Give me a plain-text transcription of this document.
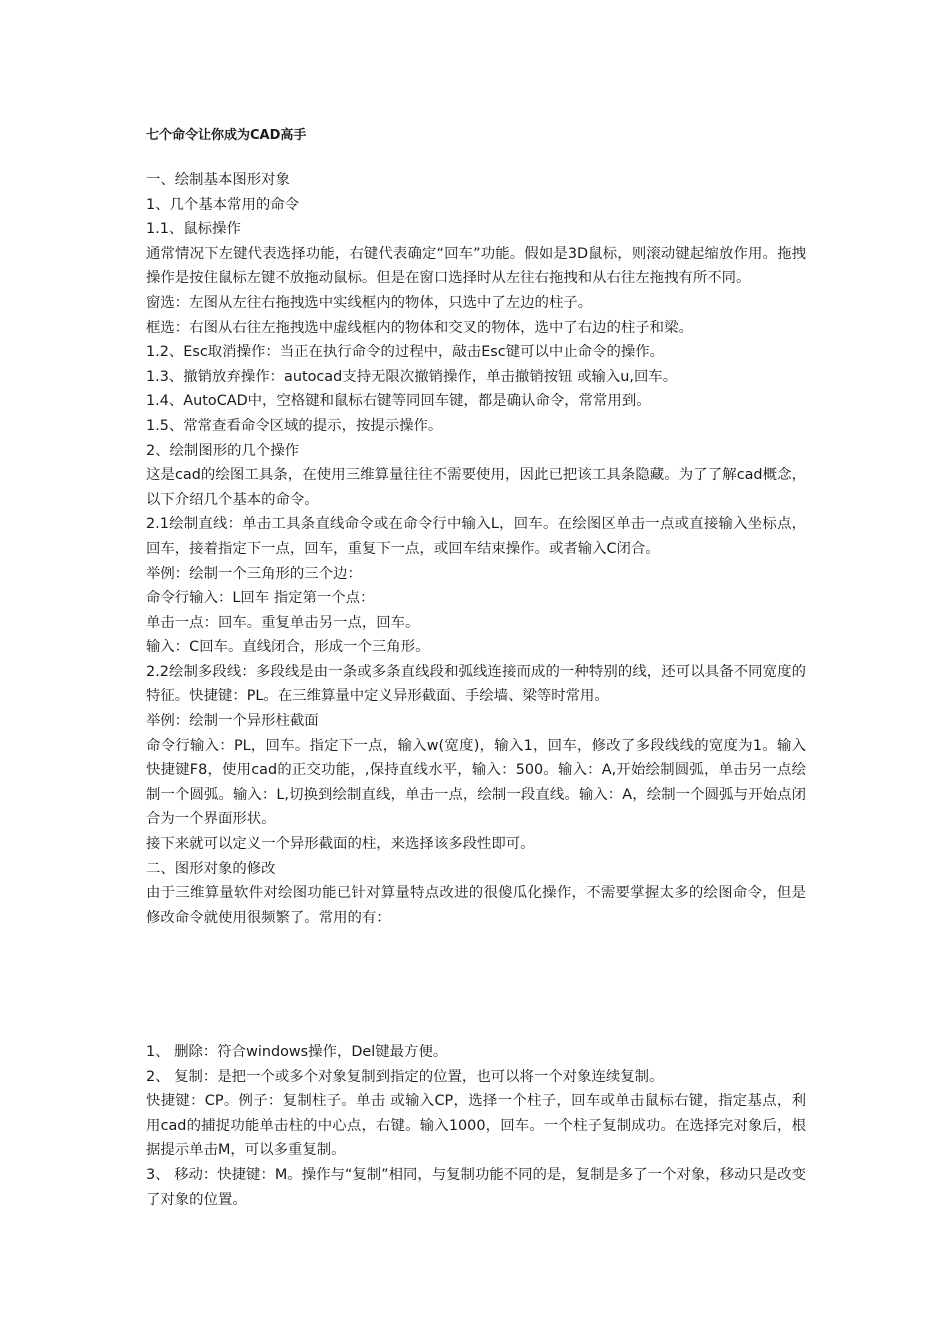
七个命令让你成为CAD高手

一、绘制基本图形对象

1、几个基本常用的命令

1.1、鼠标操作

通常情况下左键代表选择功能，右键代表确定“回车”功能。假如是3D鼠标，则滚动键起缩放作用。拖拽操作是按住鼠标左键不放拖动鼠标。但是在窗口选择时从左往右拖拽和从右往左拖拽有所不同。

窗选：左图从左往右拖拽选中实线框内的物体，只选中了左边的柱子。

框选：右图从右往左拖拽选中虚线框内的物体和交叉的物体，选中了右边的柱子和梁。

1.2、Esc取消操作：当正在执行命令的过程中，敲击Esc键可以中止命令的操作。

1.3、撤销放弃操作：autocad支持无限次撤销操作，单击撤销按钮 或输入u,回车。

1.4、AutoCAD中，空格键和鼠标右键等同回车键，都是确认命令，常常用到。

1.5、常常查看命令区域的提示，按提示操作。

2、绘制图形的几个操作

这是cad的绘图工具条，在使用三维算量往往不需要使用，因此已把该工具条隐藏。为了了解cad概念，以下介绍几个基本的命令。

2.1绘制直线：单击工具条直线命令或在命令行中输入L，回车。在绘图区单击一点或直接输入坐标点，回车，接着指定下一点，回车，重复下一点，或回车结束操作。或者输入C闭合。

举例：绘制一个三角形的三个边：

命令行输入：L回车 指定第一个点：

单击一点：回车。重复单击另一点，回车。

输入：C回车。直线闭合，形成一个三角形。

2.2绘制多段线：多段线是由一条或多条直线段和弧线连接而成的一种特别的线，还可以具备不同宽度的特征。快捷键：PL。在三维算量中定义异形截面、手绘墙、梁等时常用。

举例：绘制一个异形柱截面

命令行输入：PL，回车。指定下一点，输入w(宽度)，输入1，回车，修改了多段线线的宽度为1。输入快捷键F8，使用cad的正交功能，,保持直线水平，输入：500。输入：A,开始绘制圆弧，单击另一点绘制一个圆弧。输入：L,切换到绘制直线，单击一点，绘制一段直线。输入：A，绘制一个圆弧与开始点闭合为一个界面形状。

接下来就可以定义一个异形截面的柱，来选择该多段性即可。

二、图形对象的修改

由于三维算量软件对绘图功能已针对算量特点改进的很傻瓜化操作，不需要掌握太多的绘图命令，但是修改命令就使用很频繁了。常用的有：

1、 删除：符合windows操作，Del键最方便。

2、 复制：是把一个或多个对象复制到指定的位置，也可以将一个对象连续复制。

快捷键：CP。例子：复制柱子。单击 或输入CP，选择一个柱子，回车或单击鼠标右键，指定基点，利用cad的捕捉功能单击柱的中心点，右键。输入1000，回车。一个柱子复制成功。在选择完对象后，根据提示单击M，可以多重复制。

3、 移动：快捷键：M。操作与“复制”相同，与复制功能不同的是，复制是多了一个对象，移动只是改变了对象的位置。
